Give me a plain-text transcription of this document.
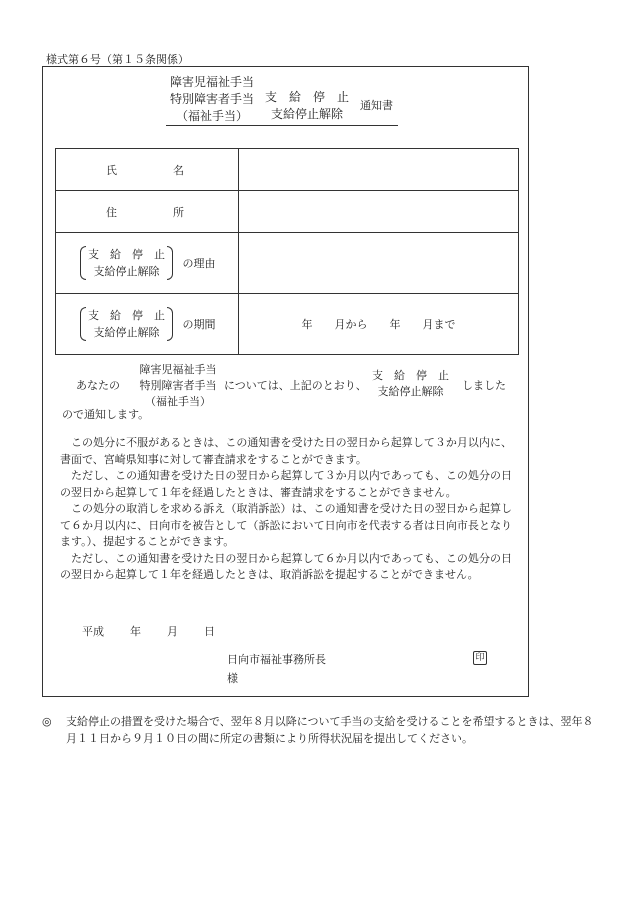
様式第６号（第１５条関係）
障害児福祉手当
特別障害者手当
（福祉手当）
支　給　停　止
支給停止解除
通知書
氏 名	

住 所	

支　給　停　止
支給停止解除
の理由	

支　給　停　止
支給停止解除
の期間	年　　月から　　年　　月まで
あなたの
障害児福祉手当
特別障害者手当
（福祉手当）
については、上記のとおり、
支　給　停　止
支給停止解除	しました
ので通知します。

この処分に不服があるときは、この通知書を受けた日の翌日から起算して３か月以内に、書面で、宮崎県知事に対して審査請求をすることができます。

ただし、この通知書を受けた日の翌日から起算して３か月以内であっても、この処分の日の翌日から起算して１年を経過したときは、審査請求をすることができません。

この処分の取消しを求める訴え（取消訴訟）は、この通知書を受けた日の翌日から起算して６か月以内に、日向市を被告として（訴訟において日向市を代表する者は日向市長となります。）、提起することができます。

ただし、この通知書を受けた日の翌日から起算して６か月以内であっても、この処分の日の翌日から起算して１年を経過したときは、取消訴訟を提起することができません。

平成 年 月 日
日向市福祉事務所長	印
様
◎ 支給停止の措置を受けた場合で、翌年８月以降について手当の支給を受けることを希望するときは、翌年８月１１日から９月１０日の間に所定の書類により所得状況届を提出してください。
